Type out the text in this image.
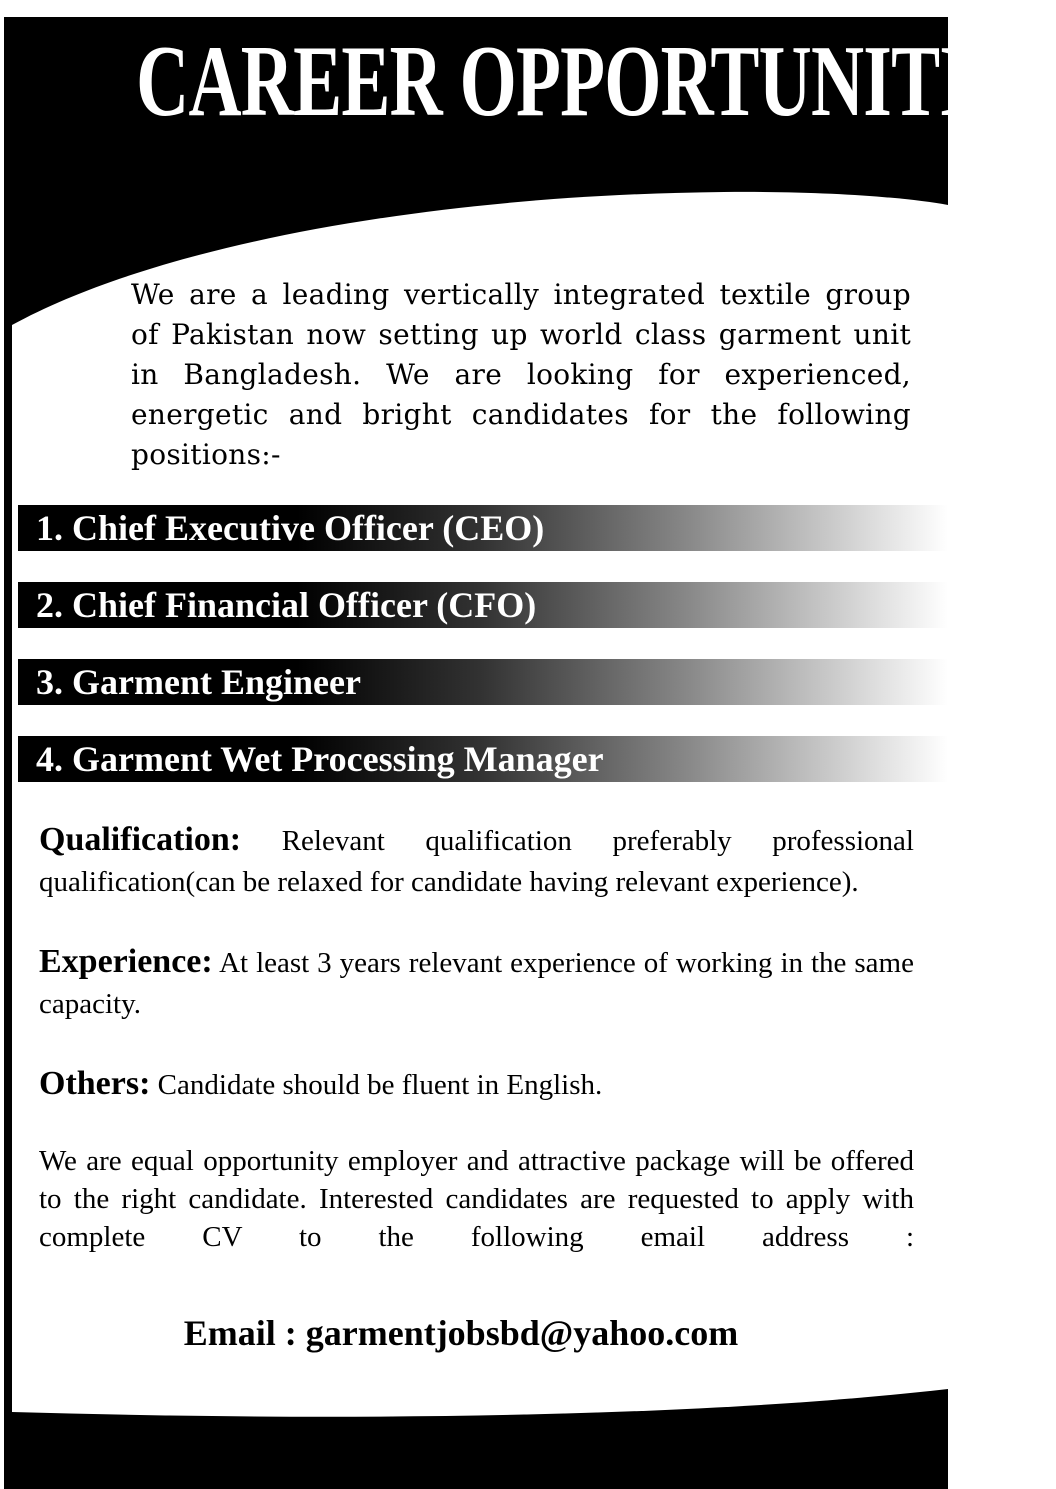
CAREER OPPORTUNITIES

We are a leading vertically integrated textile group of Pakistan now setting up world class garment unit in Bangladesh. We are looking for experienced, energetic and bright candidates for the following positions:-

1. Chief Executive Officer (CEO)
2. Chief Financial Officer (CFO)
3. Garment Engineer
4. Garment Wet Processing Manager

Qualification: Relevant qualification preferably professional qualification(can be relaxed for candidate having relevant experience).

Experience: At least 3 years relevant experience of working in the same capacity.

Others: Candidate should be fluent in English.

We are equal opportunity employer and attractive package will be offered to the right candidate. Interested candidates are requested to apply with complete CV to the following email address :

Email : garmentjobsbd@yahoo.com
